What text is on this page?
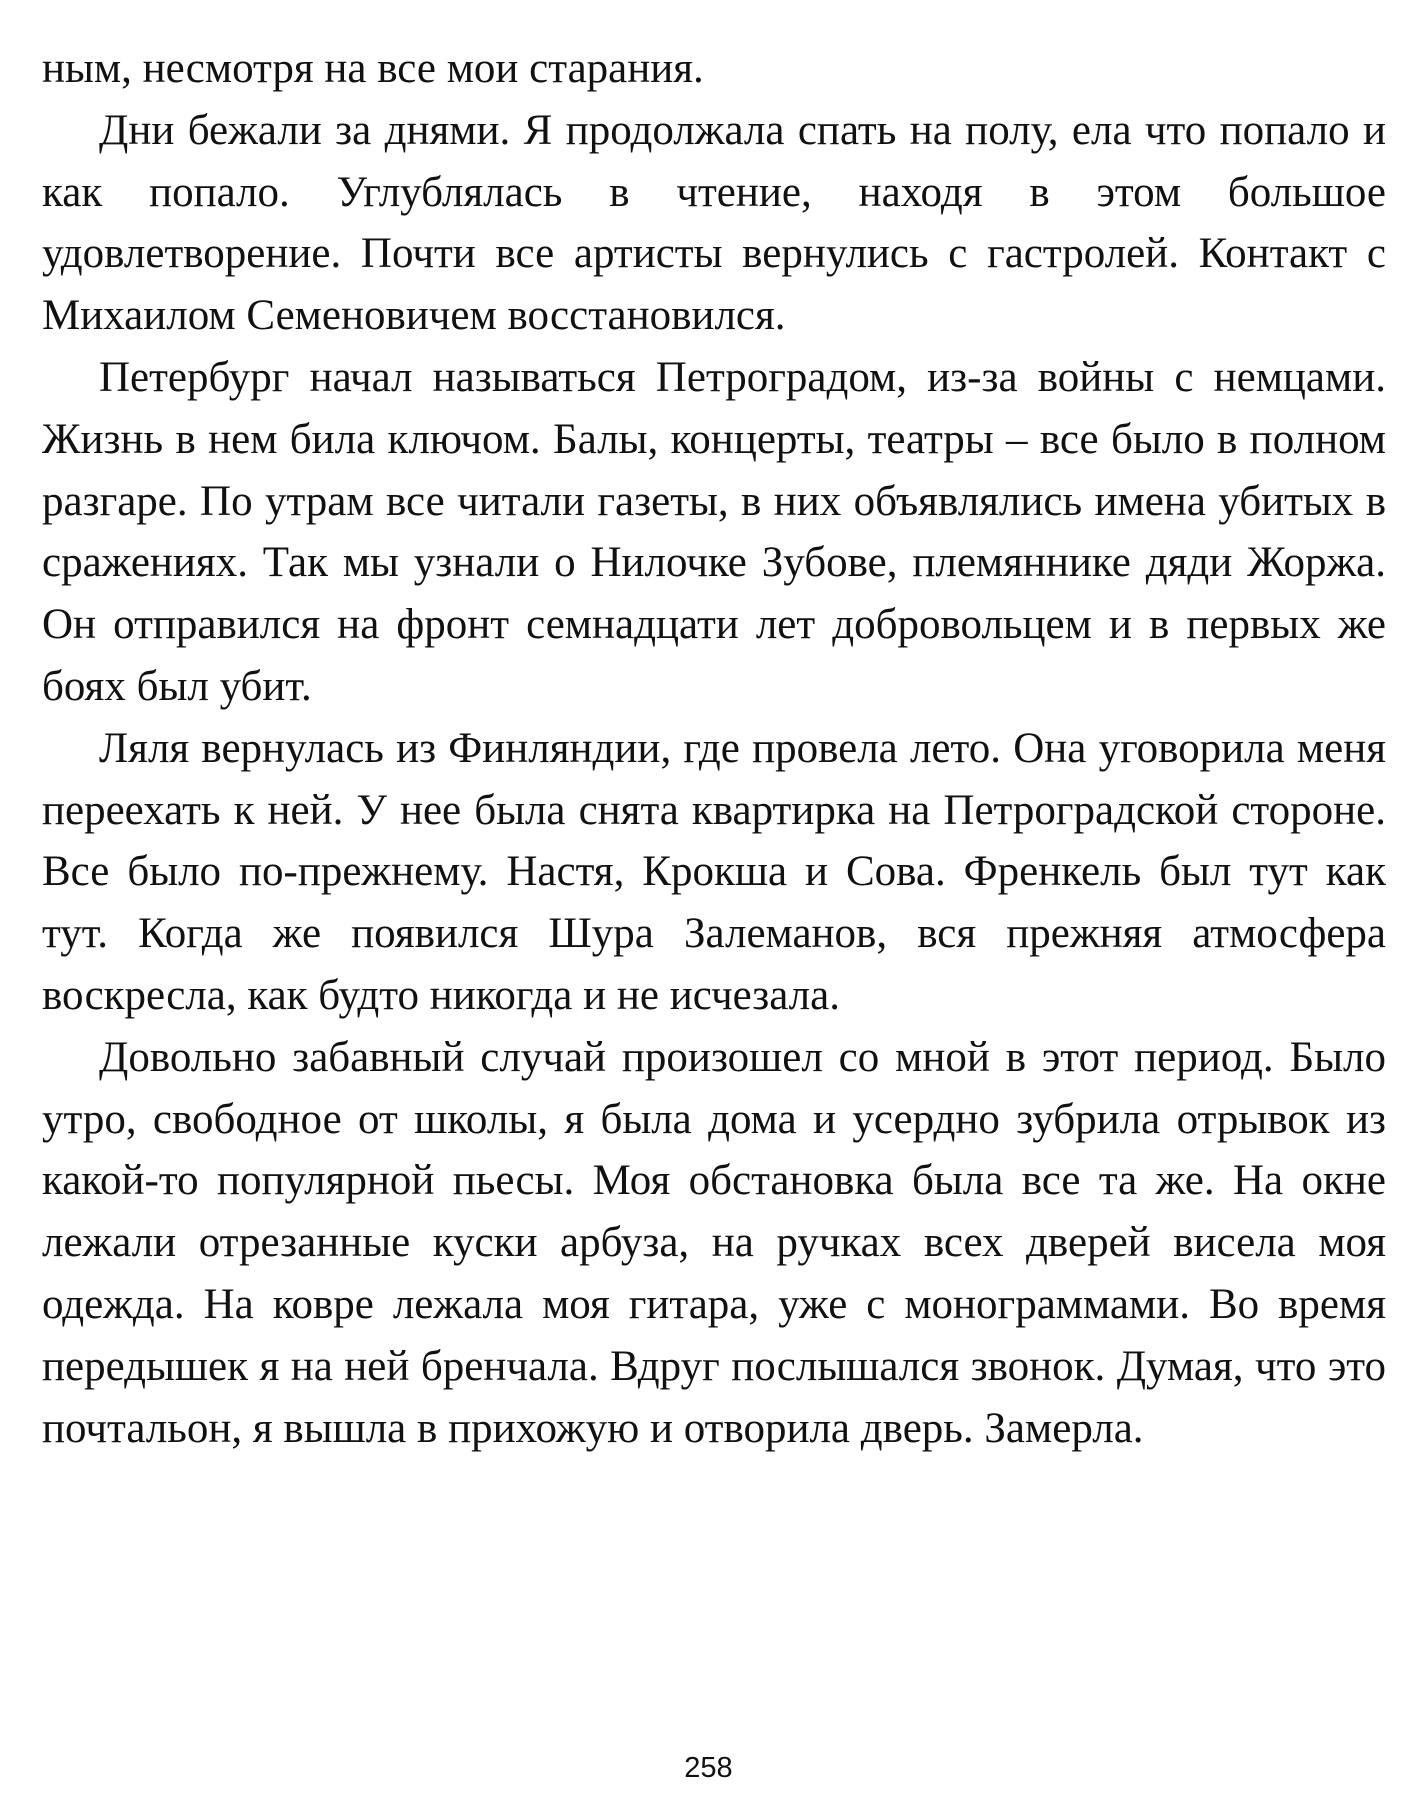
ным, несмотря на все мои старания.

Дни бежали за днями. Я продолжала спать на полу, ела что попало и как попало. Углублялась в чтение, находя в этом большое удовлетворение. Почти все артисты вернулись с гастролей. Контакт с Михаилом Семеновичем восстановился.

Петербург начал называться Петроградом, из-за войны с немцами. Жизнь в нем била ключом. Балы, концерты, театры – все было в полном разгаре. По утрам все читали газеты, в них объявлялись имена убитых в сражениях. Так мы узнали о Нилочке Зубове, племяннике дяди Жоржа. Он отправился на фронт семнадцати лет добровольцем и в первых же боях был убит.

Ляля вернулась из Финляндии, где провела лето. Она уговорила меня переехать к ней. У нее была снята квартирка на Петроградской стороне. Все было по-прежнему. Настя, Крокша и Сова. Френкель был тут как тут. Когда же появился Шура Залеманов, вся прежняя атмосфера воскресла, как будто никогда и не исчезала.

Довольно забавный случай произошел со мной в этот период. Было утро, свободное от школы, я была дома и усердно зубрила отрывок из какой-то популярной пьесы. Моя обстановка была все та же. На окне лежали отрезанные куски арбуза, на ручках всех дверей висела моя одежда. На ковре лежала моя гитара, уже с монограммами. Во время передышек я на ней бренчала. Вдруг послышался звонок. Думая, что это почтальон, я вышла в прихожую и отворила дверь. Замерла.

258
